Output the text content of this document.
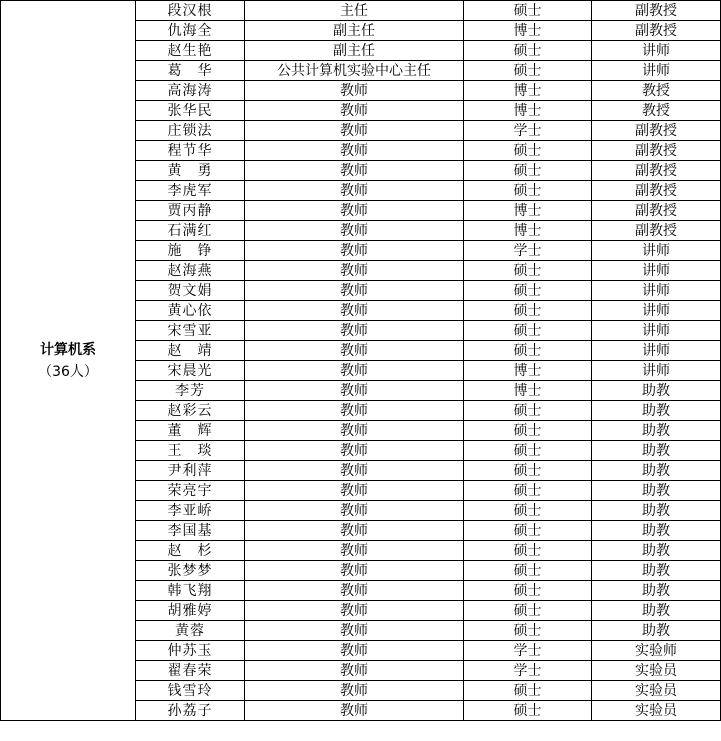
计算机系
（36人）	段汉根	主任	硕士	副教授
	仇海全	副主任	博士	副教授
	赵生艳	副主任	硕士	讲师
	葛　华	公共计算机实验中心主任	硕士	讲师
	高海涛	教师	博士	教授
	张华民	教师	博士	教授
	庄锁法	教师	学士	副教授
	程节华	教师	硕士	副教授
	黄　勇	教师	硕士	副教授
	李虎军	教师	硕士	副教授
	贾丙静	教师	博士	副教授
	石满红	教师	博士	副教授
	施　铮	教师	学士	讲师
	赵海燕	教师	硕士	讲师
	贺文娟	教师	硕士	讲师
	黄心依	教师	硕士	讲师
	宋雪亚	教师	硕士	讲师
	赵　靖	教师	硕士	讲师
	宋晨光	教师	博士	讲师
	李芳	教师	博士	助教
	赵彩云	教师	硕士	助教
	董　辉	教师	硕士	助教
	王　琰	教师	硕士	助教
	尹利萍	教师	硕士	助教
	荣亮宇	教师	硕士	助教
	李亚峤	教师	硕士	助教
	李国基	教师	硕士	助教
	赵　杉	教师	硕士	助教
	张梦梦	教师	硕士	助教
	韩飞翔	教师	硕士	助教
	胡雅婷	教师	硕士	助教
	黄蓉	教师	硕士	助教
	仲苏玉	教师	学士	实验师
	翟春荣	教师	学士	实验员
	钱雪玲	教师	硕士	实验员
	孙荔子	教师	硕士	实验员
